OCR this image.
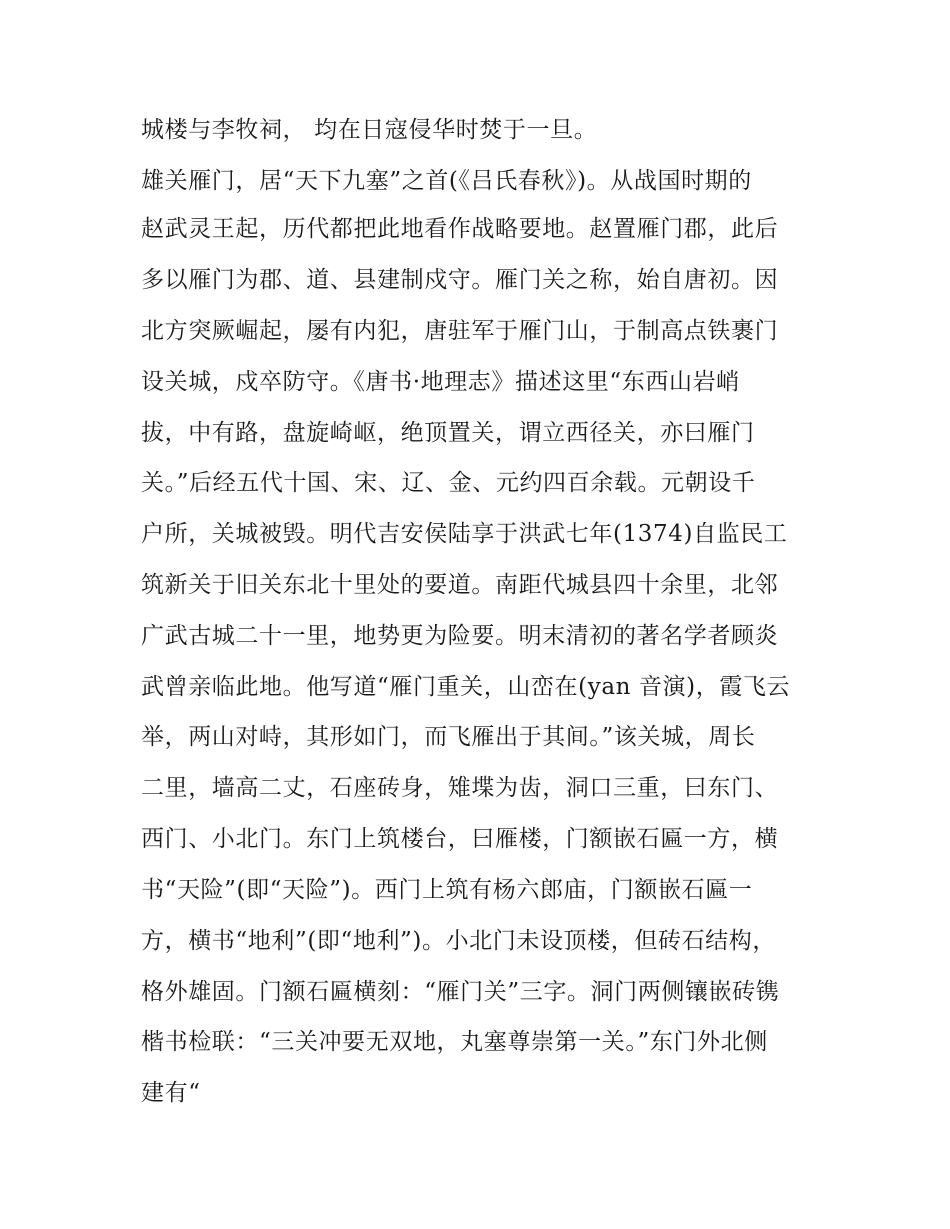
城楼与李牧祠， 均在日寇侵华时焚于一旦。
雄关雁门，居“天下九塞”之首(《吕氏春秋》)。从战国时期的
赵武灵王起，历代都把此地看作战略要地。赵置雁门郡，此后
多以雁门为郡、道、县建制戍守。雁门关之称，始自唐初。因
北方突厥崛起，屡有内犯，唐驻军于雁门山，于制高点铁裹门
设关城，戍卒防守。《唐书·地理志》描述这里“东西山岩峭
拔，中有路，盘旋崎岖，绝顶置关，谓立西径关，亦曰雁门
关。”后经五代十国、宋、辽、金、元约四百余载。元朝设千
户所，关城被毁。明代吉安侯陆享于洪武七年(1374)自监民工
筑新关于旧关东北十里处的要道。南距代城县四十余里，北邻
广武古城二十一里，地势更为险要。明末清初的著名学者顾炎
武曾亲临此地。他写道“雁门重关，山峦在(yan 音演)，霞飞云
举，两山对峙，其形如门，而飞雁出于其间。”该关城，周长
二里，墙高二丈，石座砖身，雉堞为齿，洞口三重，曰东门、
西门、小北门。东门上筑楼台，曰雁楼，门额嵌石匾一方，横
书“天险”(即“天险”)。西门上筑有杨六郎庙，门额嵌石匾一
方，横书“地利”(即“地利”)。小北门未设顶楼，但砖石结构，
格外雄固。门额石匾横刻：“雁门关”三字。洞门两侧镶嵌砖镌
楷书检联：“三关冲要无双地，丸塞尊崇第一关。”东门外北侧
建有“
